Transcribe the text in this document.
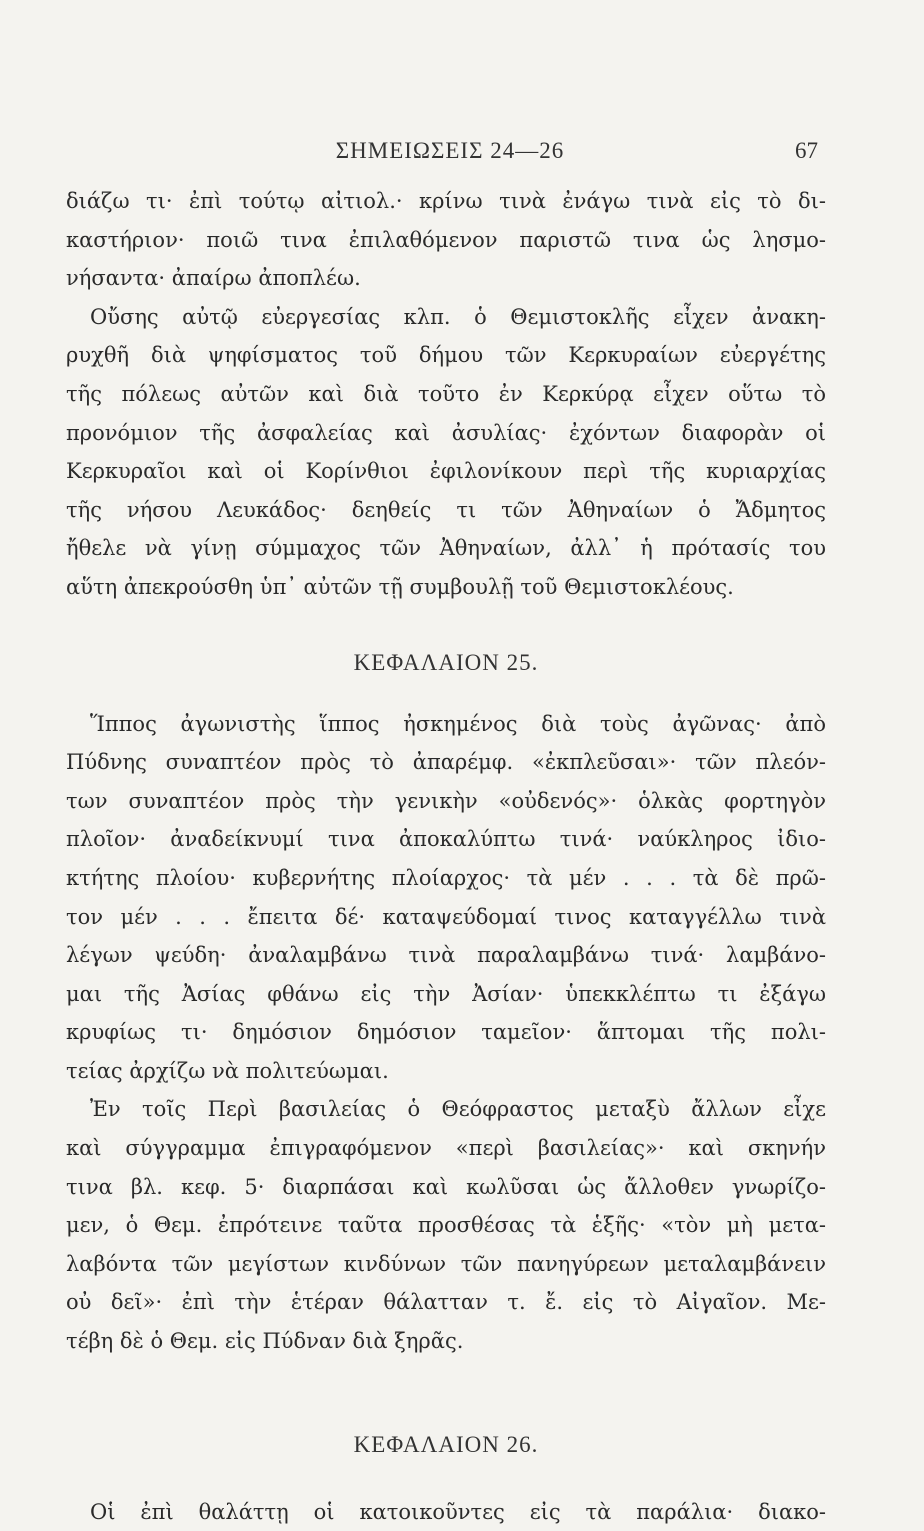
ΣΗΜΕΙΩΣΕΙΣ 24—26	67
διάζω τι· ἐπὶ τούτῳ αἰτιολ.· κρίνω τινὰ ἐνάγω τινὰ εἰς τὸ δι-
καστήριον· ποιῶ τινα ἐπιλαθόμενον παριστῶ τινα ὡς λησμο-
νήσαντα· ἀπαίρω ἀποπλέω.
Οὔσης αὐτῷ εὐεργεσίας κλπ. ὁ Θεμιστοκλῆς εἶχεν ἀνακη-
ρυχθῆ διὰ ψηφίσματος τοῦ δήμου τῶν Κερκυραίων εὐεργέτης
τῆς πόλεως αὐτῶν καὶ διὰ τοῦτο ἐν Κερκύρᾳ εἶχεν οὕτω τὸ
προνόμιον τῆς ἀσφαλείας καὶ ἀσυλίας· ἐχόντων διαφορὰν οἱ
Κερκυραῖοι καὶ οἱ Κορίνθιοι ἐφιλονίκουν περὶ τῆς κυριαρχίας
τῆς νήσου Λευκάδος· δεηθείς τι τῶν Ἀθηναίων ὁ Ἄδμητος
ἤθελε νὰ γίνῃ σύμμαχος τῶν Ἀθηναίων, ἀλλ᾽ ἡ πρότασίς του
αὕτη ἀπεκρούσθη ὑπ᾽ αὐτῶν τῇ συμβουλῇ τοῦ Θεμιστοκλέους.
ΚΕΦΑΛΑΙΟΝ 25.
Ἵππος ἀγωνιστὴς ἵππος ἠσκημένος διὰ τοὺς ἀγῶνας· ἀπὸ
Πύδνης συναπτέον πρὸς τὸ ἀπαρέμφ. «ἐκπλεῦσαι»· τῶν πλεόν-
των συναπτέον πρὸς τὴν γενικὴν «οὐδενός»· ὁλκὰς φορτηγὸν
πλοῖον· ἀναδείκνυμί τινα ἀποκαλύπτω τινά· ναύκληρος ἰδιο-
κτήτης πλοίου· κυβερνήτης πλοίαρχος· τὰ μέν . . . τὰ δὲ πρῶ-
τον μέν . . . ἔπειτα δέ· καταψεύδομαί τινος καταγγέλλω τινὰ
λέγων ψεύδη· ἀναλαμβάνω τινὰ παραλαμβάνω τινά· λαμβάνο-
μαι τῆς Ἀσίας φθάνω εἰς τὴν Ἀσίαν· ὑπεκκλέπτω τι ἐξάγω
κρυφίως τι· δημόσιον δημόσιον ταμεῖον· ἅπτομαι τῆς πολι-
τείας ἀρχίζω νὰ πολιτεύωμαι.
Ἐν τοῖς Περὶ βασιλείας ὁ Θεόφραστος μεταξὺ ἄλλων εἶχε
καὶ σύγγραμμα ἐπιγραφόμενον «περὶ βασιλείας»· καὶ σκηνήν
τινα βλ. κεφ. 5· διαρπάσαι καὶ κωλῦσαι ὡς ἄλλοθεν γνωρίζο-
μεν, ὁ Θεμ. ἐπρότεινε ταῦτα προσθέσας τὰ ἑξῆς· «τὸν μὴ μετα-
λαβόντα τῶν μεγίστων κινδύνων τῶν πανηγύρεων μεταλαμβάνειν
οὐ δεῖ»· ἐπὶ τὴν ἑτέραν θάλατταν τ. ἔ. εἰς τὸ Αἰγαῖον. Με-
τέβη δὲ ὁ Θεμ. εἰς Πύδναν διὰ ξηρᾶς.
ΚΕΦΑΛΑΙΟΝ 26.
Οἱ ἐπὶ θαλάττῃ οἱ κατοικοῦντες εἰς τὰ παράλια· διακο-
